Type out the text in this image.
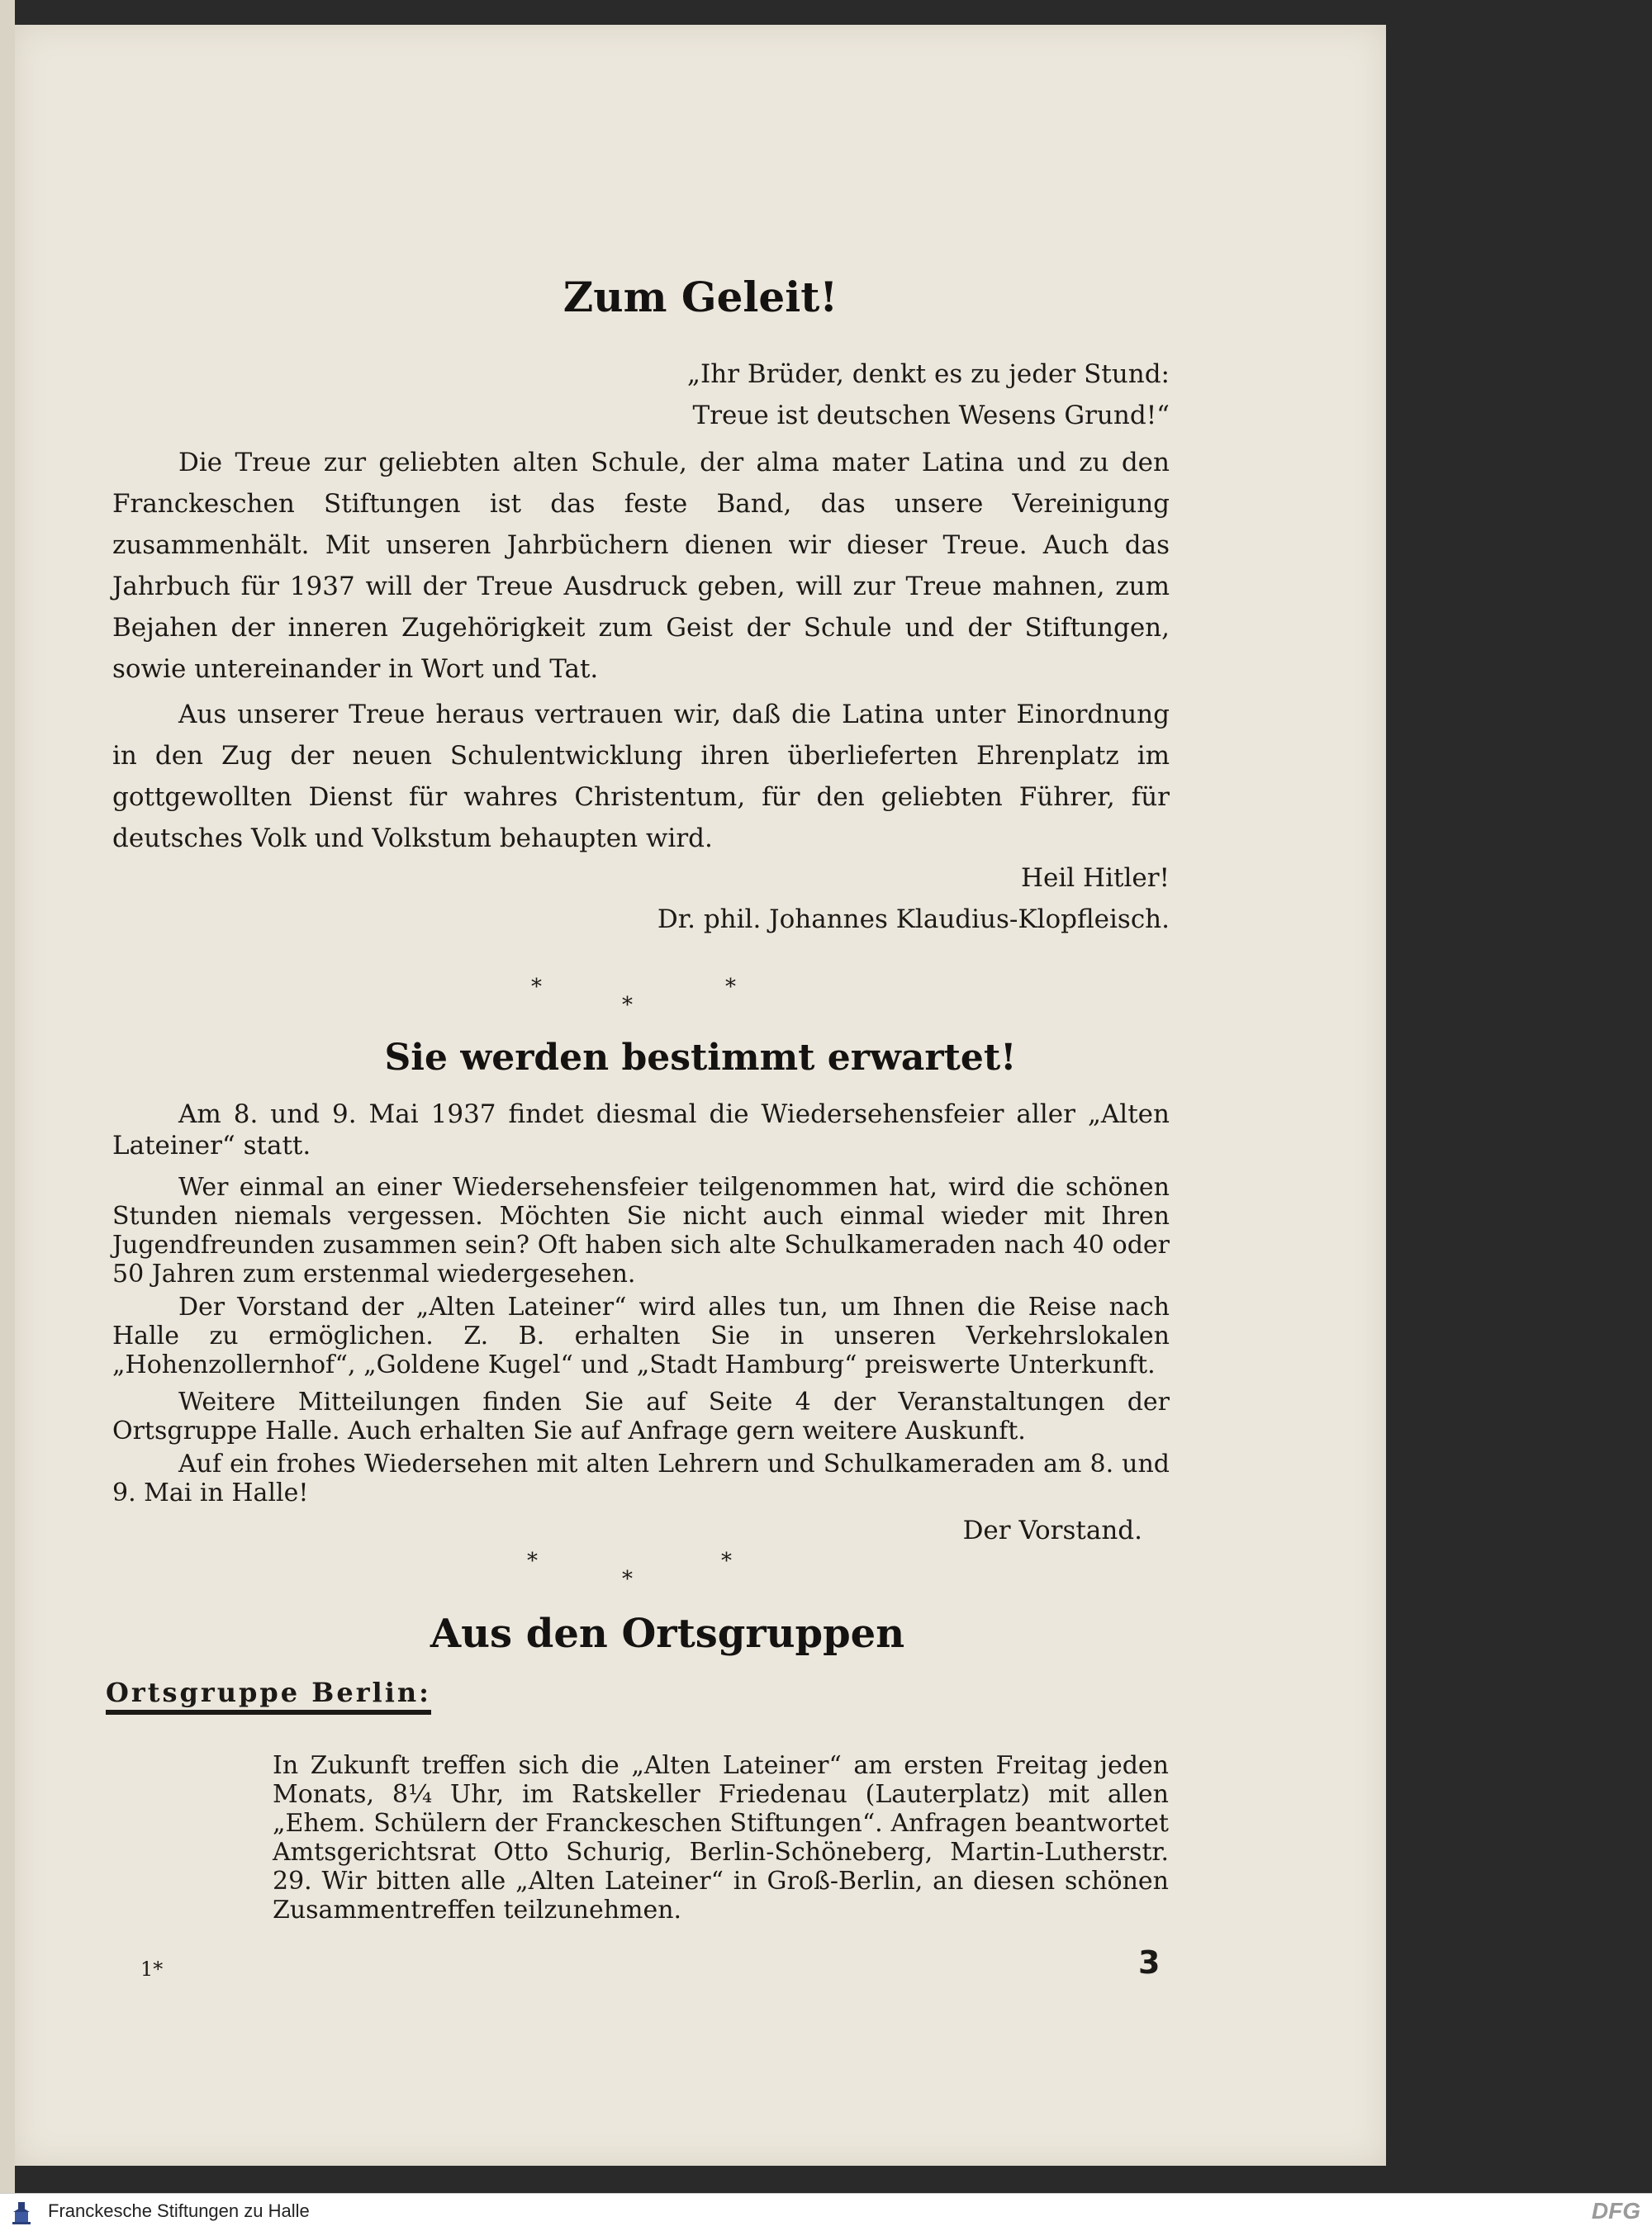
Zum Geleit!

„Ihr Brüder, denkt es zu jeder Stund:

Treue ist deutschen Wesens Grund!“

Die Treue zur geliebten alten Schule, der alma mater Latina und zu den Franckeschen Stiftungen ist das feste Band, das unsere Vereinigung zusammenhält. Mit unseren Jahrbüchern dienen wir dieser Treue. Auch das Jahrbuch für 1937 will der Treue Ausdruck geben, will zur Treue mahnen, zum Bejahen der inneren Zugehörigkeit zum Geist der Schule und der Stiftungen, sowie untereinander in Wort und Tat.

Aus unserer Treue heraus vertrauen wir, daß die Latina unter Einordnung in den Zug der neuen Schulentwicklung ihren überlieferten Ehrenplatz im gottgewollten Dienst für wahres Christentum, für den geliebten Führer, für deutsches Volk und Volkstum behaupten wird.

Heil Hitler!

Dr. phil. Johannes Klaudius-Klopfleisch.

*
*
*
Sie werden bestimmt erwartet!

Am 8. und 9. Mai 1937 findet diesmal die Wiedersehensfeier aller „Alten Lateiner“ statt.

Wer einmal an einer Wiedersehensfeier teilgenommen hat, wird die schönen Stunden niemals vergessen. Möchten Sie nicht auch einmal wieder mit Ihren Jugendfreunden zusammen sein? Oft haben sich alte Schulkameraden nach 40 oder 50 Jahren zum erstenmal wiedergesehen.

Der Vorstand der „Alten Lateiner“ wird alles tun, um Ihnen die Reise nach Halle zu ermöglichen. Z. B. erhalten Sie in unseren Verkehrslokalen „Hohenzollernhof“, „Goldene Kugel“ und „Stadt Hamburg“ preiswerte Unterkunft.

Weitere Mitteilungen finden Sie auf Seite 4 der Veranstaltungen der Ortsgruppe Halle. Auch erhalten Sie auf Anfrage gern weitere Auskunft.

Auf ein frohes Wiedersehen mit alten Lehrern und Schulkameraden am 8. und 9. Mai in Halle!

Der Vorstand.

*
*
*
Aus den Ortsgruppen

Ortsgruppe Berlin:

In Zukunft treffen sich die „Alten Lateiner“ am ersten Freitag jeden Monats, 8¼ Uhr, im Ratskeller Friedenau (Lauterplatz) mit allen „Ehem. Schülern der Franckeschen Stiftungen“. Anfragen beantwortet Amtsgerichtsrat Otto Schurig, Berlin-Schöneberg, Martin-Lutherstr. 29. Wir bitten alle „Alten Lateiner“ in Groß-Berlin, an diesen schönen Zusammentreffen teilzunehmen.

1*	3

Franckesche Stiftungen zu Halle	DFG
